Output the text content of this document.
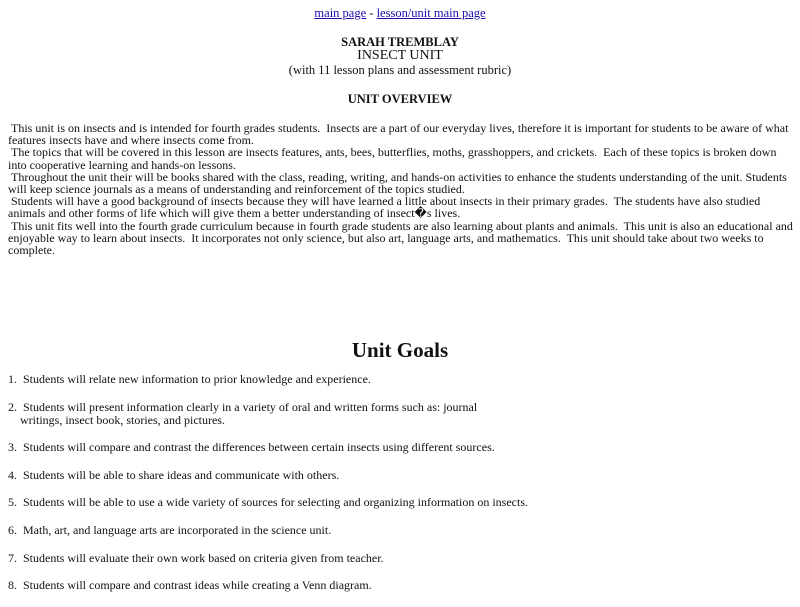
main page - lesson/unit main page
SARAH TREMBLAY
INSECT UNIT
(with 11 lesson plans and assessment rubric)
UNIT OVERVIEW

This unit is on insects and is intended for fourth grades students.  Insects are a part of our everyday lives, therefore it is important for students to be aware of what features insects have and where insects come from.

The topics that will be covered in this lesson are insects features, ants, bees, butterflies, moths, grasshoppers, and crickets.  Each of these topics is broken down into cooperative learning and hands-on lessons.

Throughout the unit their will be books shared with the class, reading, writing, and hands-on activities to enhance the students understanding of the unit. Students will keep science journals as a means of understanding and reinforcement of the topics studied.

Students will have a good background of insects because they will have learned a little about insects in their primary grades.  The students have also studied animals and other forms of life which will give them a better understanding of insect�s lives.

This unit fits well into the fourth grade curriculum because in fourth grade students are also learning about plants and animals.  This unit is also an educational and enjoyable way to learn about insects.  It incorporates not only science, but also art, language arts, and mathematics.  This unit should take about two weeks to complete.

Unit Goals

1.  Students will relate new information to prior knowledge and experience.

2.  Students will present information clearly in a variety of oral and written forms such as: journal
writings, insect book, stories, and pictures.

3.  Students will compare and contrast the differences between certain insects using different sources.

4.  Students will be able to share ideas and communicate with others.

5.  Students will be able to use a wide variety of sources for selecting and organizing information on insects.

6.  Math, art, and language arts are incorporated in the science unit.

7.  Students will evaluate their own work based on criteria given from teacher.

8.  Students will compare and contrast ideas while creating a Venn diagram.
